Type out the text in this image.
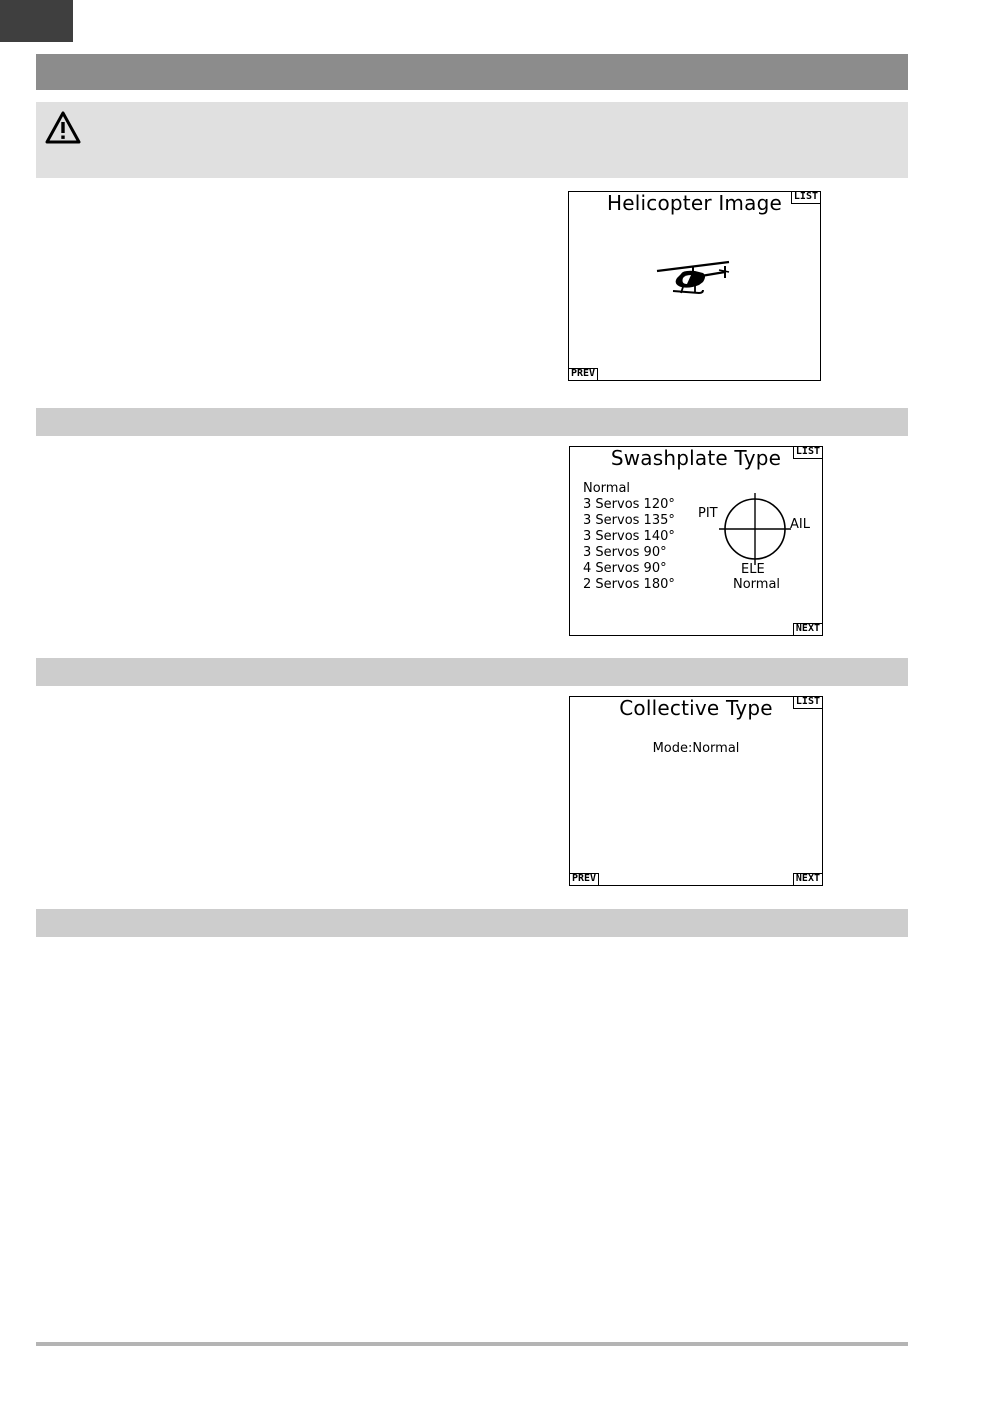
Helicopter Image	LIST
PREV
Swashplate Type	LIST
Normal
3 Servos 120°
3 Servos 135°
3 Servos 140°
3 Servos 90°
4 Servos 90°
2 Servos 180°
PIT
AIL
ELE
Normal
NEXT
Collective Type	LIST
Mode:Normal
PREV	NEXT
